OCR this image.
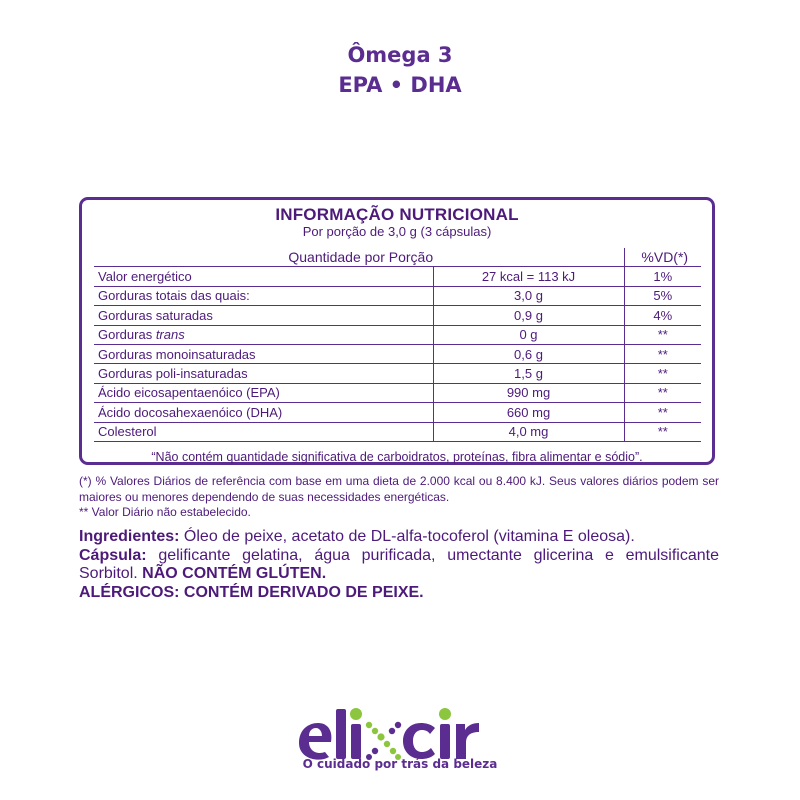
Ômega 3
EPA • DHA
INFORMAÇÃO NUTRICIONAL
Por porção de 3,0 g (3 cápsulas)
Quantidade por Porção		%VD(*)
Valor energético	27 kcal = 113 kJ	1%
Gorduras totais das quais:	3,0 g	5%
Gorduras saturadas	0,9 g	4%
Gorduras trans	0 g	**
Gorduras monoinsaturadas	0,6 g	**
Gorduras poli-insaturadas	1,5 g	**
Ácido eicosapentaenóico (EPA)	990 mg	**
Ácido docosahexaenóico (DHA)	660 mg	**
Colesterol	4,0 mg	**
“Não contém quantidade significativa de carboidratos, proteínas, fibra alimentar e sódio”.
(*) % Valores Diários de referência com base em uma dieta de 2.000 kcal ou 8.400 kJ. Seus valores diários podem ser maiores ou menores dependendo de suas necessidades energéticas.
** Valor Diário não estabelecido.
Ingredientes: Óleo de peixe, acetato de DL-alfa-tocoferol (vitamina E oleosa).
Cápsula: gelificante gelatina, água purificada, umectante glicerina e emulsificante Sorbitol. NÃO CONTÉM GLÚTEN.
ALÉRGICOS: CONTÉM DERIVADO DE PEIXE.
O cuidado por trás da beleza
